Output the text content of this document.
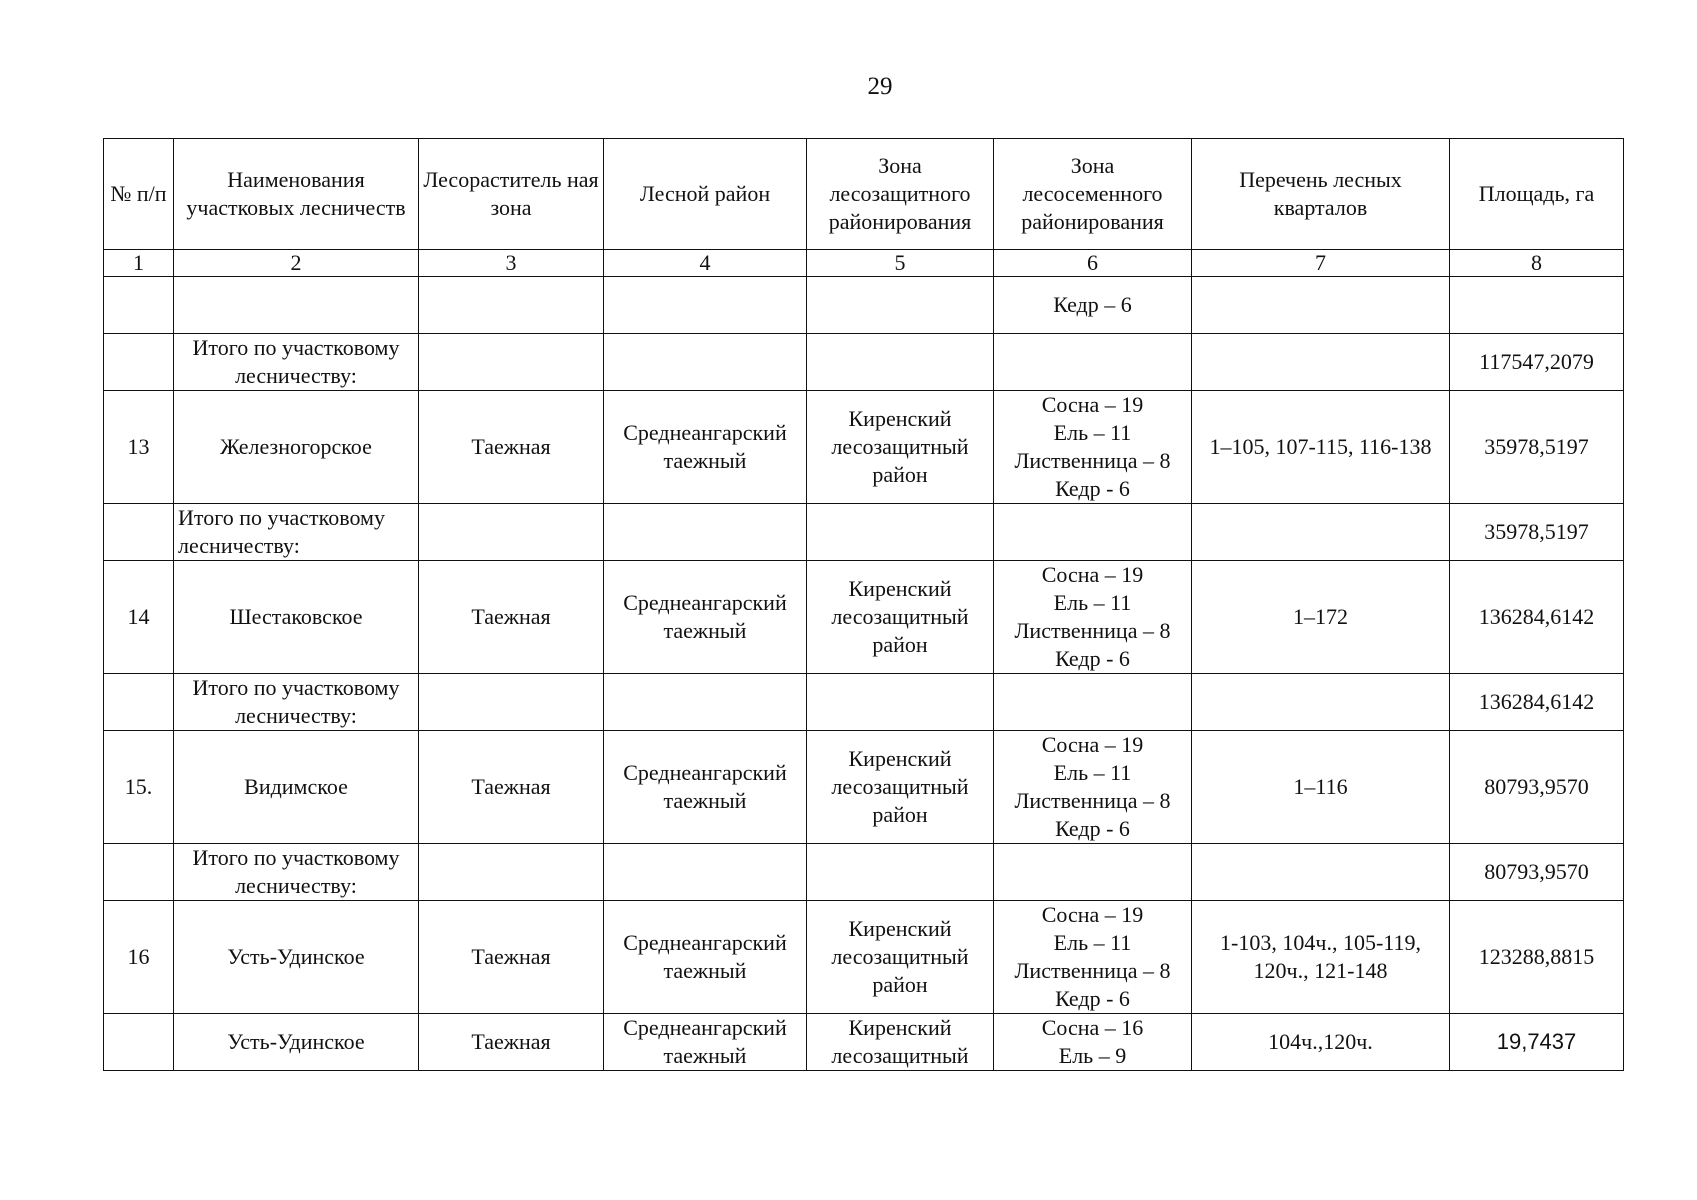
29
№ п/п	Наименования участковых лесничеств	Лесораститель ная зона	Лесной район	Зона лесозащитного районирования	Зона лесосеменного районирования	Перечень лесных кварталов	Площадь, га
1	2	3	4	5	6	7	8
					Кедр – 6		
	Итого по участковому лесничеству:						117547,2079
13	Железногорское	Таежная	Среднеангарский таежный	Киренский лесозащитный район	Сосна – 19
Ель – 11
Лиственница – 8
Кедр - 6	1–105, 107-115, 116-138	35978,5197
	Итого по участковому лесничеству:						35978,5197
14	Шестаковское	Таежная	Среднеангарский таежный	Киренский лесозащитный район	Сосна – 19
Ель – 11
Лиственница – 8
Кедр - 6	1–172	136284,6142
	Итого по участковому лесничеству:						136284,6142
15.	Видимское	Таежная	Среднеангарский таежный	Киренский лесозащитный район	Сосна – 19
Ель – 11
Лиственница – 8
Кедр - 6	1–116	80793,9570
	Итого по участковому лесничеству:						80793,9570
16	Усть-Удинское	Таежная	Среднеангарский таежный	Киренский лесозащитный район	Сосна – 19
Ель – 11
Лиственница – 8
Кедр - 6	1-103, 104ч., 105-119, 120ч., 121-148	123288,8815
	Усть-Удинское	Таежная	Среднеангарский таежный	Киренский лесозащитный	Сосна – 16
Ель – 9	104ч.,120ч.	19,7437
